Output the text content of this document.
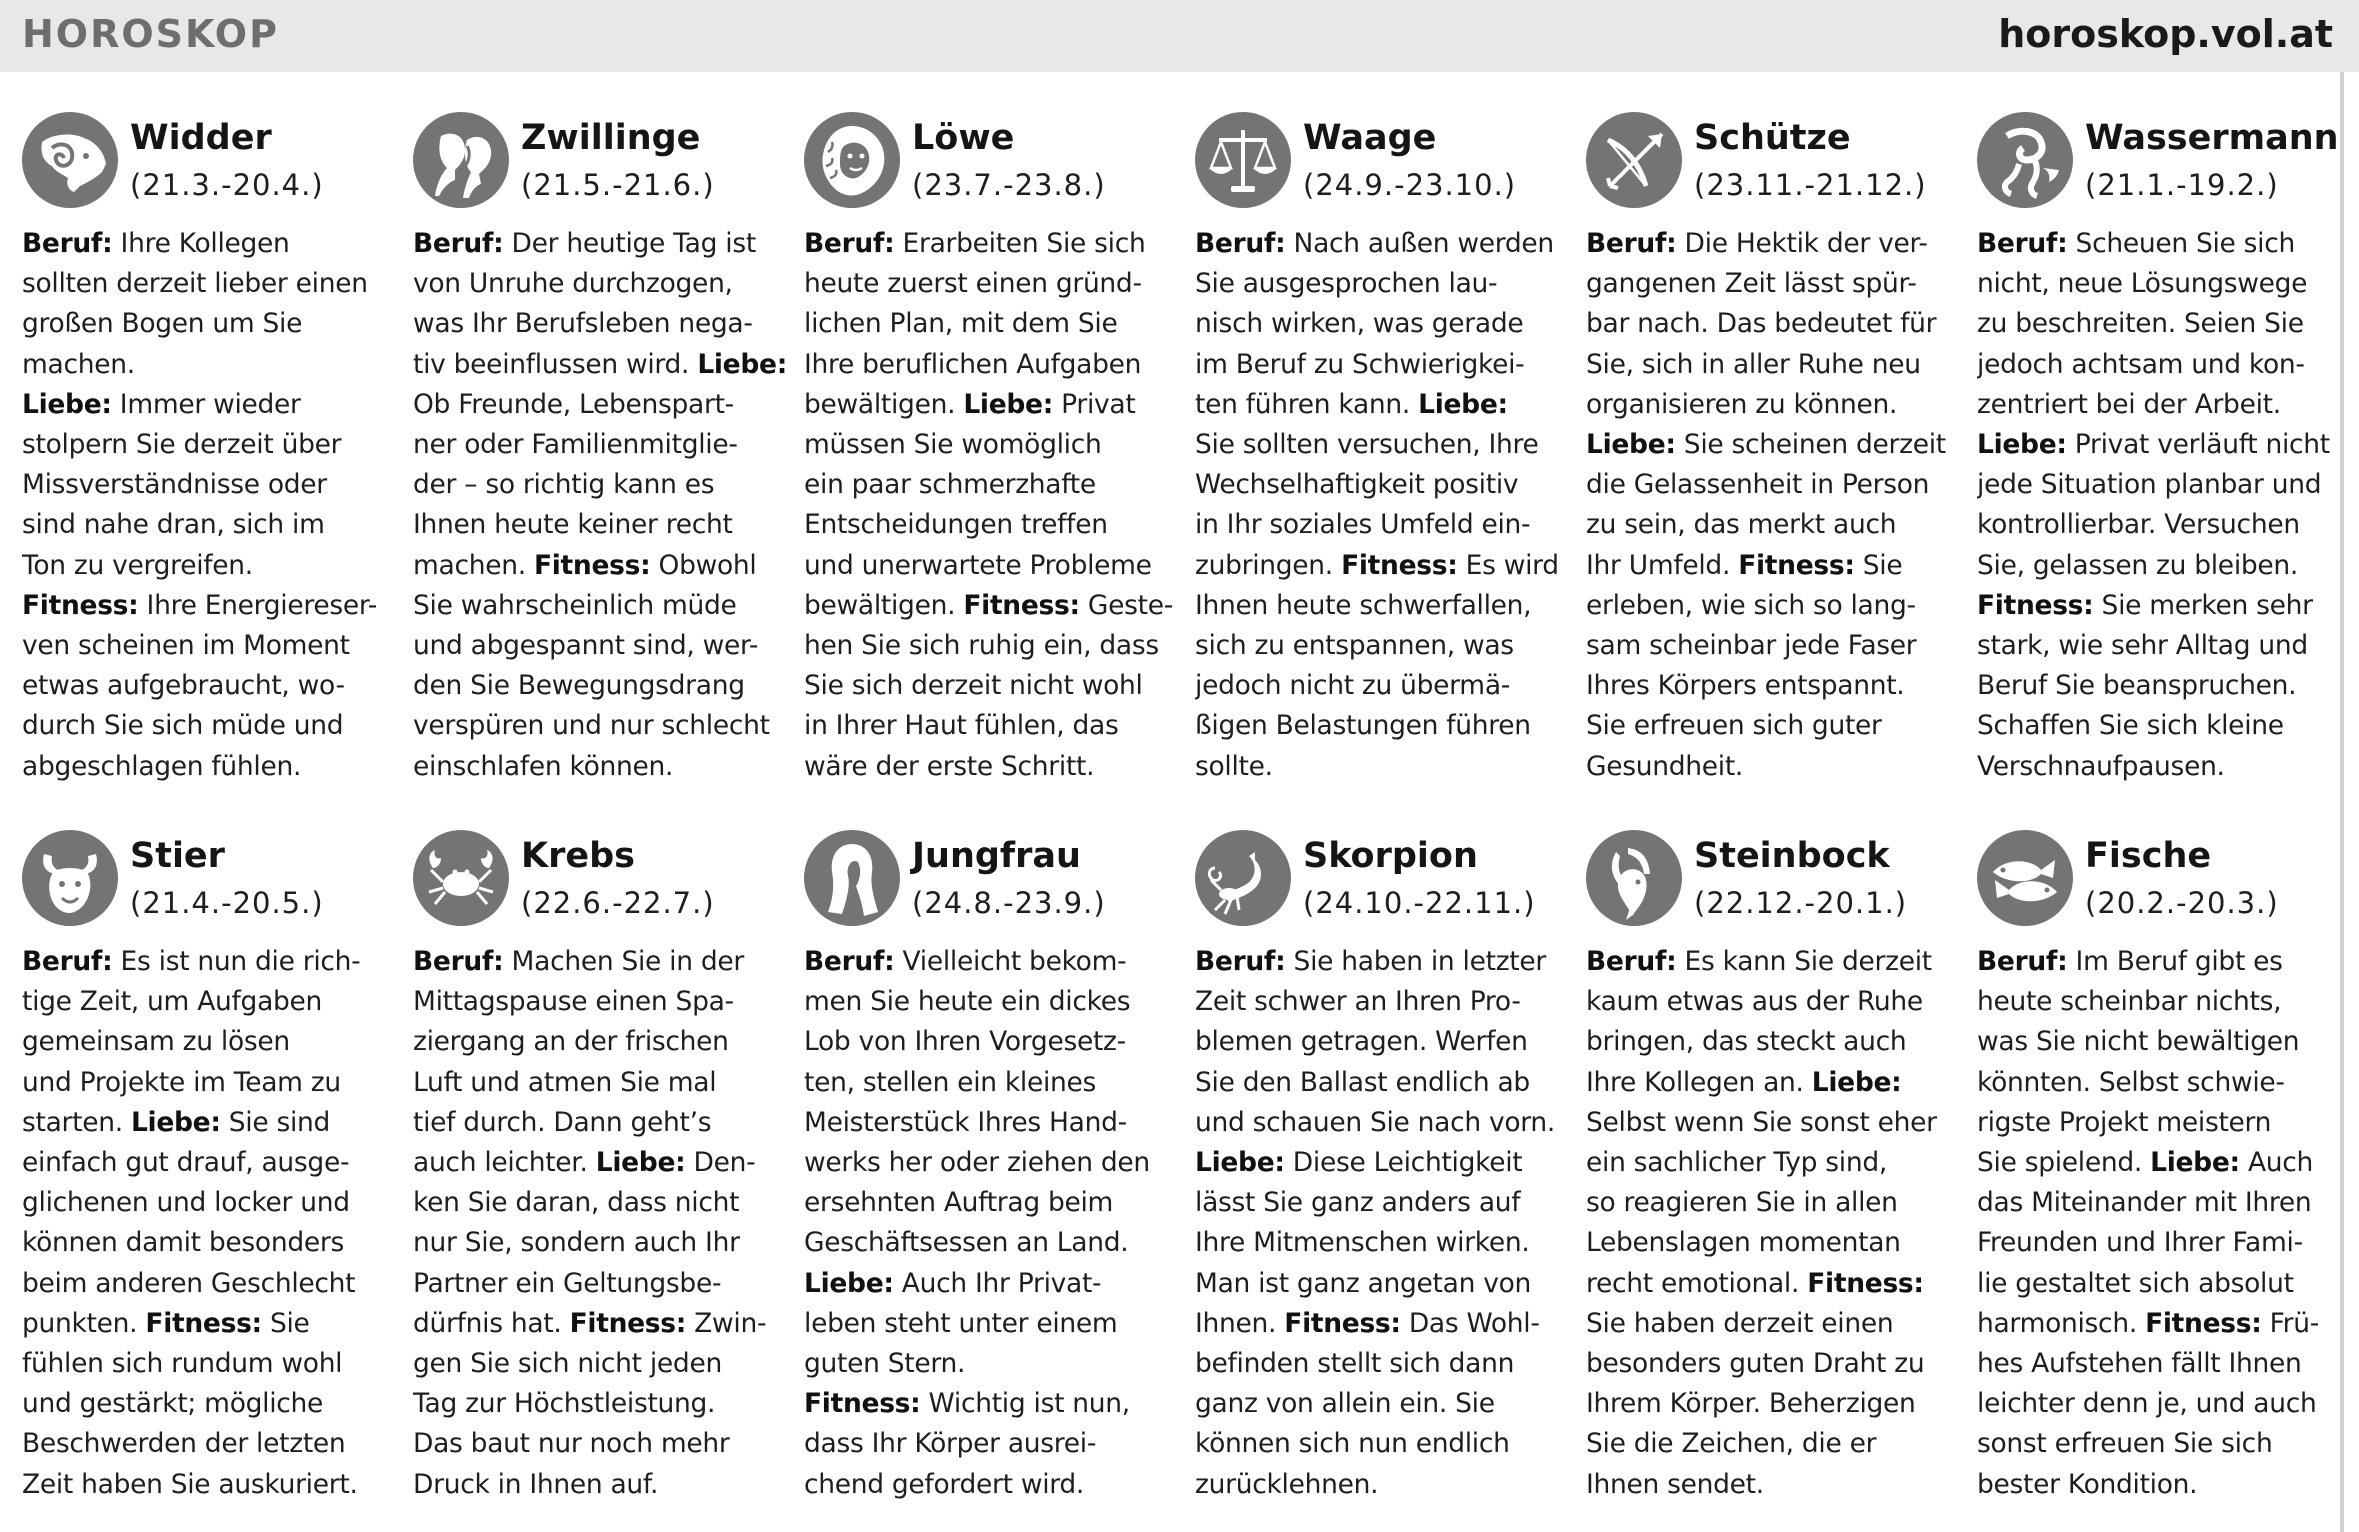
HOROSKOP	horoskop.vol.at
Widder
(21.3.-20.4.)
Beruf: Ihre Kollegen
sollten derzeit lieber einen
großen Bogen um Sie
machen.
Liebe: Immer wieder
stolpern Sie derzeit über
Missverständnisse oder
sind nahe dran, sich im
Ton zu vergreifen.
Fitness: Ihre Energiereser-
ven scheinen im Moment
etwas aufgebraucht, wo-
durch Sie sich müde und
abgeschlagen fühlen.
Zwillinge
(21.5.-21.6.)
Beruf: Der heutige Tag ist
von Unruhe durchzogen,
was Ihr Berufsleben nega-
tiv beeinflussen wird. Liebe:
Ob Freunde, Lebenspart-
ner oder Familienmitglie-
der – so richtig kann es
Ihnen heute keiner recht
machen. Fitness: Obwohl
Sie wahrscheinlich müde
und abgespannt sind, wer-
den Sie Bewegungsdrang
verspüren und nur schlecht
einschlafen können.
Löwe
(23.7.-23.8.)
Beruf: Erarbeiten Sie sich
heute zuerst einen gründ-
lichen Plan, mit dem Sie
Ihre beruflichen Aufgaben
bewältigen. Liebe: Privat
müssen Sie womöglich
ein paar schmerzhafte
Entscheidungen treffen
und unerwartete Probleme
bewältigen. Fitness: Geste-
hen Sie sich ruhig ein, dass
Sie sich derzeit nicht wohl
in Ihrer Haut fühlen, das
wäre der erste Schritt.
Waage
(24.9.-23.10.)
Beruf: Nach außen werden
Sie ausgesprochen lau-
nisch wirken, was gerade
im Beruf zu Schwierigkei-
ten führen kann. Liebe:
Sie sollten versuchen, Ihre
Wechselhaftigkeit positiv
in Ihr soziales Umfeld ein-
zubringen. Fitness: Es wird
Ihnen heute schwerfallen,
sich zu entspannen, was
jedoch nicht zu übermä-
ßigen Belastungen führen
sollte.
Schütze
(23.11.-21.12.)
Beruf: Die Hektik der ver-
gangenen Zeit lässt spür-
bar nach. Das bedeutet für
Sie, sich in aller Ruhe neu
organisieren zu können.
Liebe: Sie scheinen derzeit
die Gelassenheit in Person
zu sein, das merkt auch
Ihr Umfeld. Fitness: Sie
erleben, wie sich so lang-
sam scheinbar jede Faser
Ihres Körpers entspannt.
Sie erfreuen sich guter
Gesundheit.
Wassermann
(21.1.-19.2.)
Beruf: Scheuen Sie sich
nicht, neue Lösungswege
zu beschreiten. Seien Sie
jedoch achtsam und kon-
zentriert bei der Arbeit.
Liebe: Privat verläuft nicht
jede Situation planbar und
kontrollierbar. Versuchen
Sie, gelassen zu bleiben.
Fitness: Sie merken sehr
stark, wie sehr Alltag und
Beruf Sie beanspruchen.
Schaffen Sie sich kleine
Verschnaufpausen.
Stier
(21.4.-20.5.)
Beruf: Es ist nun die rich-
tige Zeit, um Aufgaben
gemeinsam zu lösen
und Projekte im Team zu
starten. Liebe: Sie sind
einfach gut drauf, ausge-
glichenen und locker und
können damit besonders
beim anderen Geschlecht
punkten. Fitness: Sie
fühlen sich rundum wohl
und gestärkt; mögliche
Beschwerden der letzten
Zeit haben Sie auskuriert.
Krebs
(22.6.-22.7.)
Beruf: Machen Sie in der
Mittagspause einen Spa-
ziergang an der frischen
Luft und atmen Sie mal
tief durch. Dann geht’s
auch leichter. Liebe: Den-
ken Sie daran, dass nicht
nur Sie, sondern auch Ihr
Partner ein Geltungsbe-
dürfnis hat. Fitness: Zwin-
gen Sie sich nicht jeden
Tag zur Höchstleistung.
Das baut nur noch mehr
Druck in Ihnen auf.
Jungfrau
(24.8.-23.9.)
Beruf: Vielleicht bekom-
men Sie heute ein dickes
Lob von Ihren Vorgesetz-
ten, stellen ein kleines
Meisterstück Ihres Hand-
werks her oder ziehen den
ersehnten Auftrag beim
Geschäftsessen an Land.
Liebe: Auch Ihr Privat-
leben steht unter einem
guten Stern.
Fitness: Wichtig ist nun,
dass Ihr Körper ausrei-
chend gefordert wird.
Skorpion
(24.10.-22.11.)
Beruf: Sie haben in letzter
Zeit schwer an Ihren Pro-
blemen getragen. Werfen
Sie den Ballast endlich ab
und schauen Sie nach vorn.
Liebe: Diese Leichtigkeit
lässt Sie ganz anders auf
Ihre Mitmenschen wirken.
Man ist ganz angetan von
Ihnen. Fitness: Das Wohl-
befinden stellt sich dann
ganz von allein ein. Sie
können sich nun endlich
zurücklehnen.
Steinbock
(22.12.-20.1.)
Beruf: Es kann Sie derzeit
kaum etwas aus der Ruhe
bringen, das steckt auch
Ihre Kollegen an. Liebe:
Selbst wenn Sie sonst eher
ein sachlicher Typ sind,
so reagieren Sie in allen
Lebenslagen momentan
recht emotional. Fitness:
Sie haben derzeit einen
besonders guten Draht zu
Ihrem Körper. Beherzigen
Sie die Zeichen, die er
Ihnen sendet.
Fische
(20.2.-20.3.)
Beruf: Im Beruf gibt es
heute scheinbar nichts,
was Sie nicht bewältigen
könnten. Selbst schwie-
rigste Projekt meistern
Sie spielend. Liebe: Auch
das Miteinander mit Ihren
Freunden und Ihrer Fami-
lie gestaltet sich absolut
harmonisch. Fitness: Frü-
hes Aufstehen fällt Ihnen
leichter denn je, und auch
sonst erfreuen Sie sich
bester Kondition.
